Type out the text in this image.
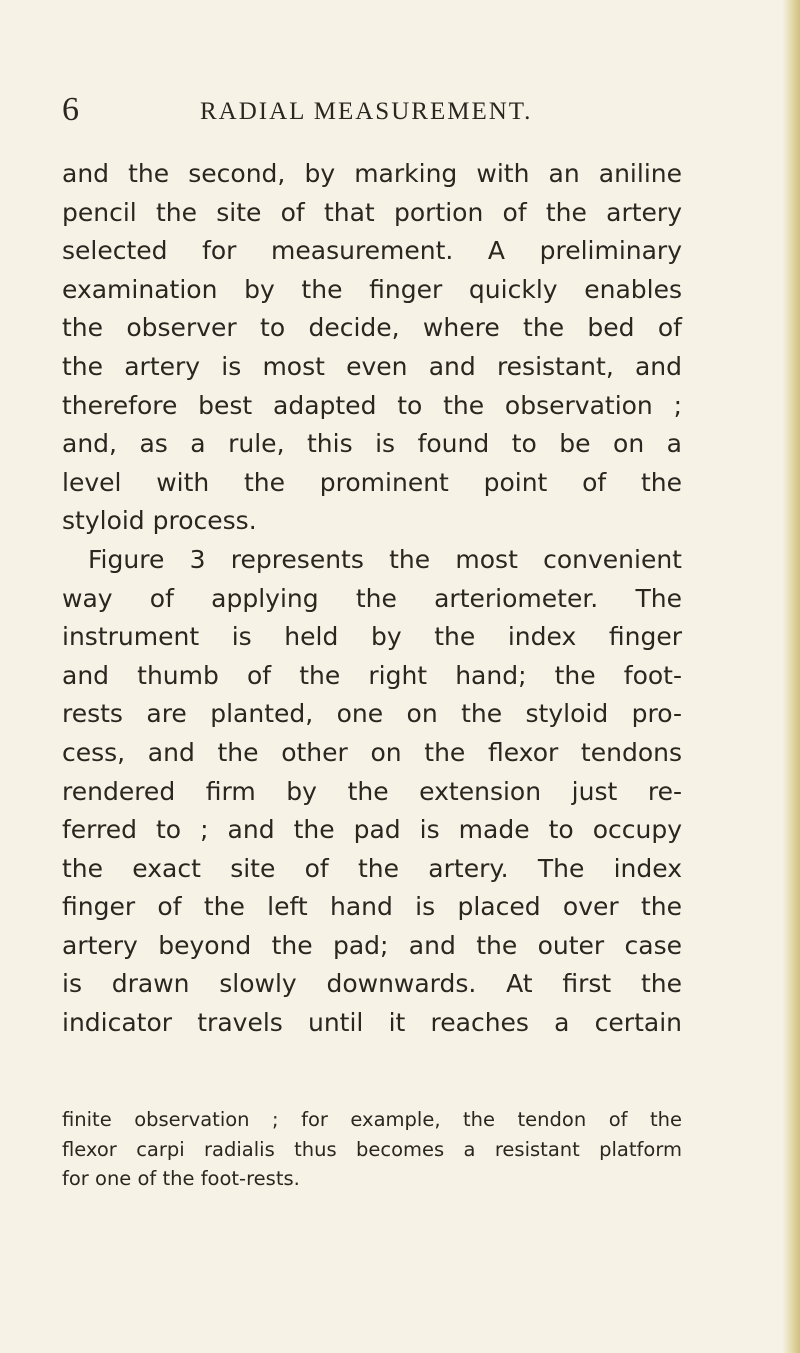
6	RADIAL MEASUREMENT.
and the second, by marking with an aniline
pencil the site of that portion of the artery
selected for measurement. A preliminary
examination by the finger quickly enables
the observer to decide, where the bed of
the artery is most even and resistant, and
therefore best adapted to the observation ;
and, as a rule, this is found to be on a
level with the prominent point of the
styloid process.
Figure 3 represents the most convenient
way of applying the arteriometer. The
instrument is held by the index finger
and thumb of the right hand; the foot-
rests are planted, one on the styloid pro-
cess, and the other on the flexor tendons
rendered firm by the extension just re-
ferred to ; and the pad is made to occupy
the exact site of the artery. The index
finger of the left hand is placed over the
artery beyond the pad; and the outer case
is drawn slowly downwards. At first the
indicator travels until it reaches a certain
finite observation ; for example, the tendon of the
flexor carpi radialis thus becomes a resistant platform
for one of the foot-rests.
